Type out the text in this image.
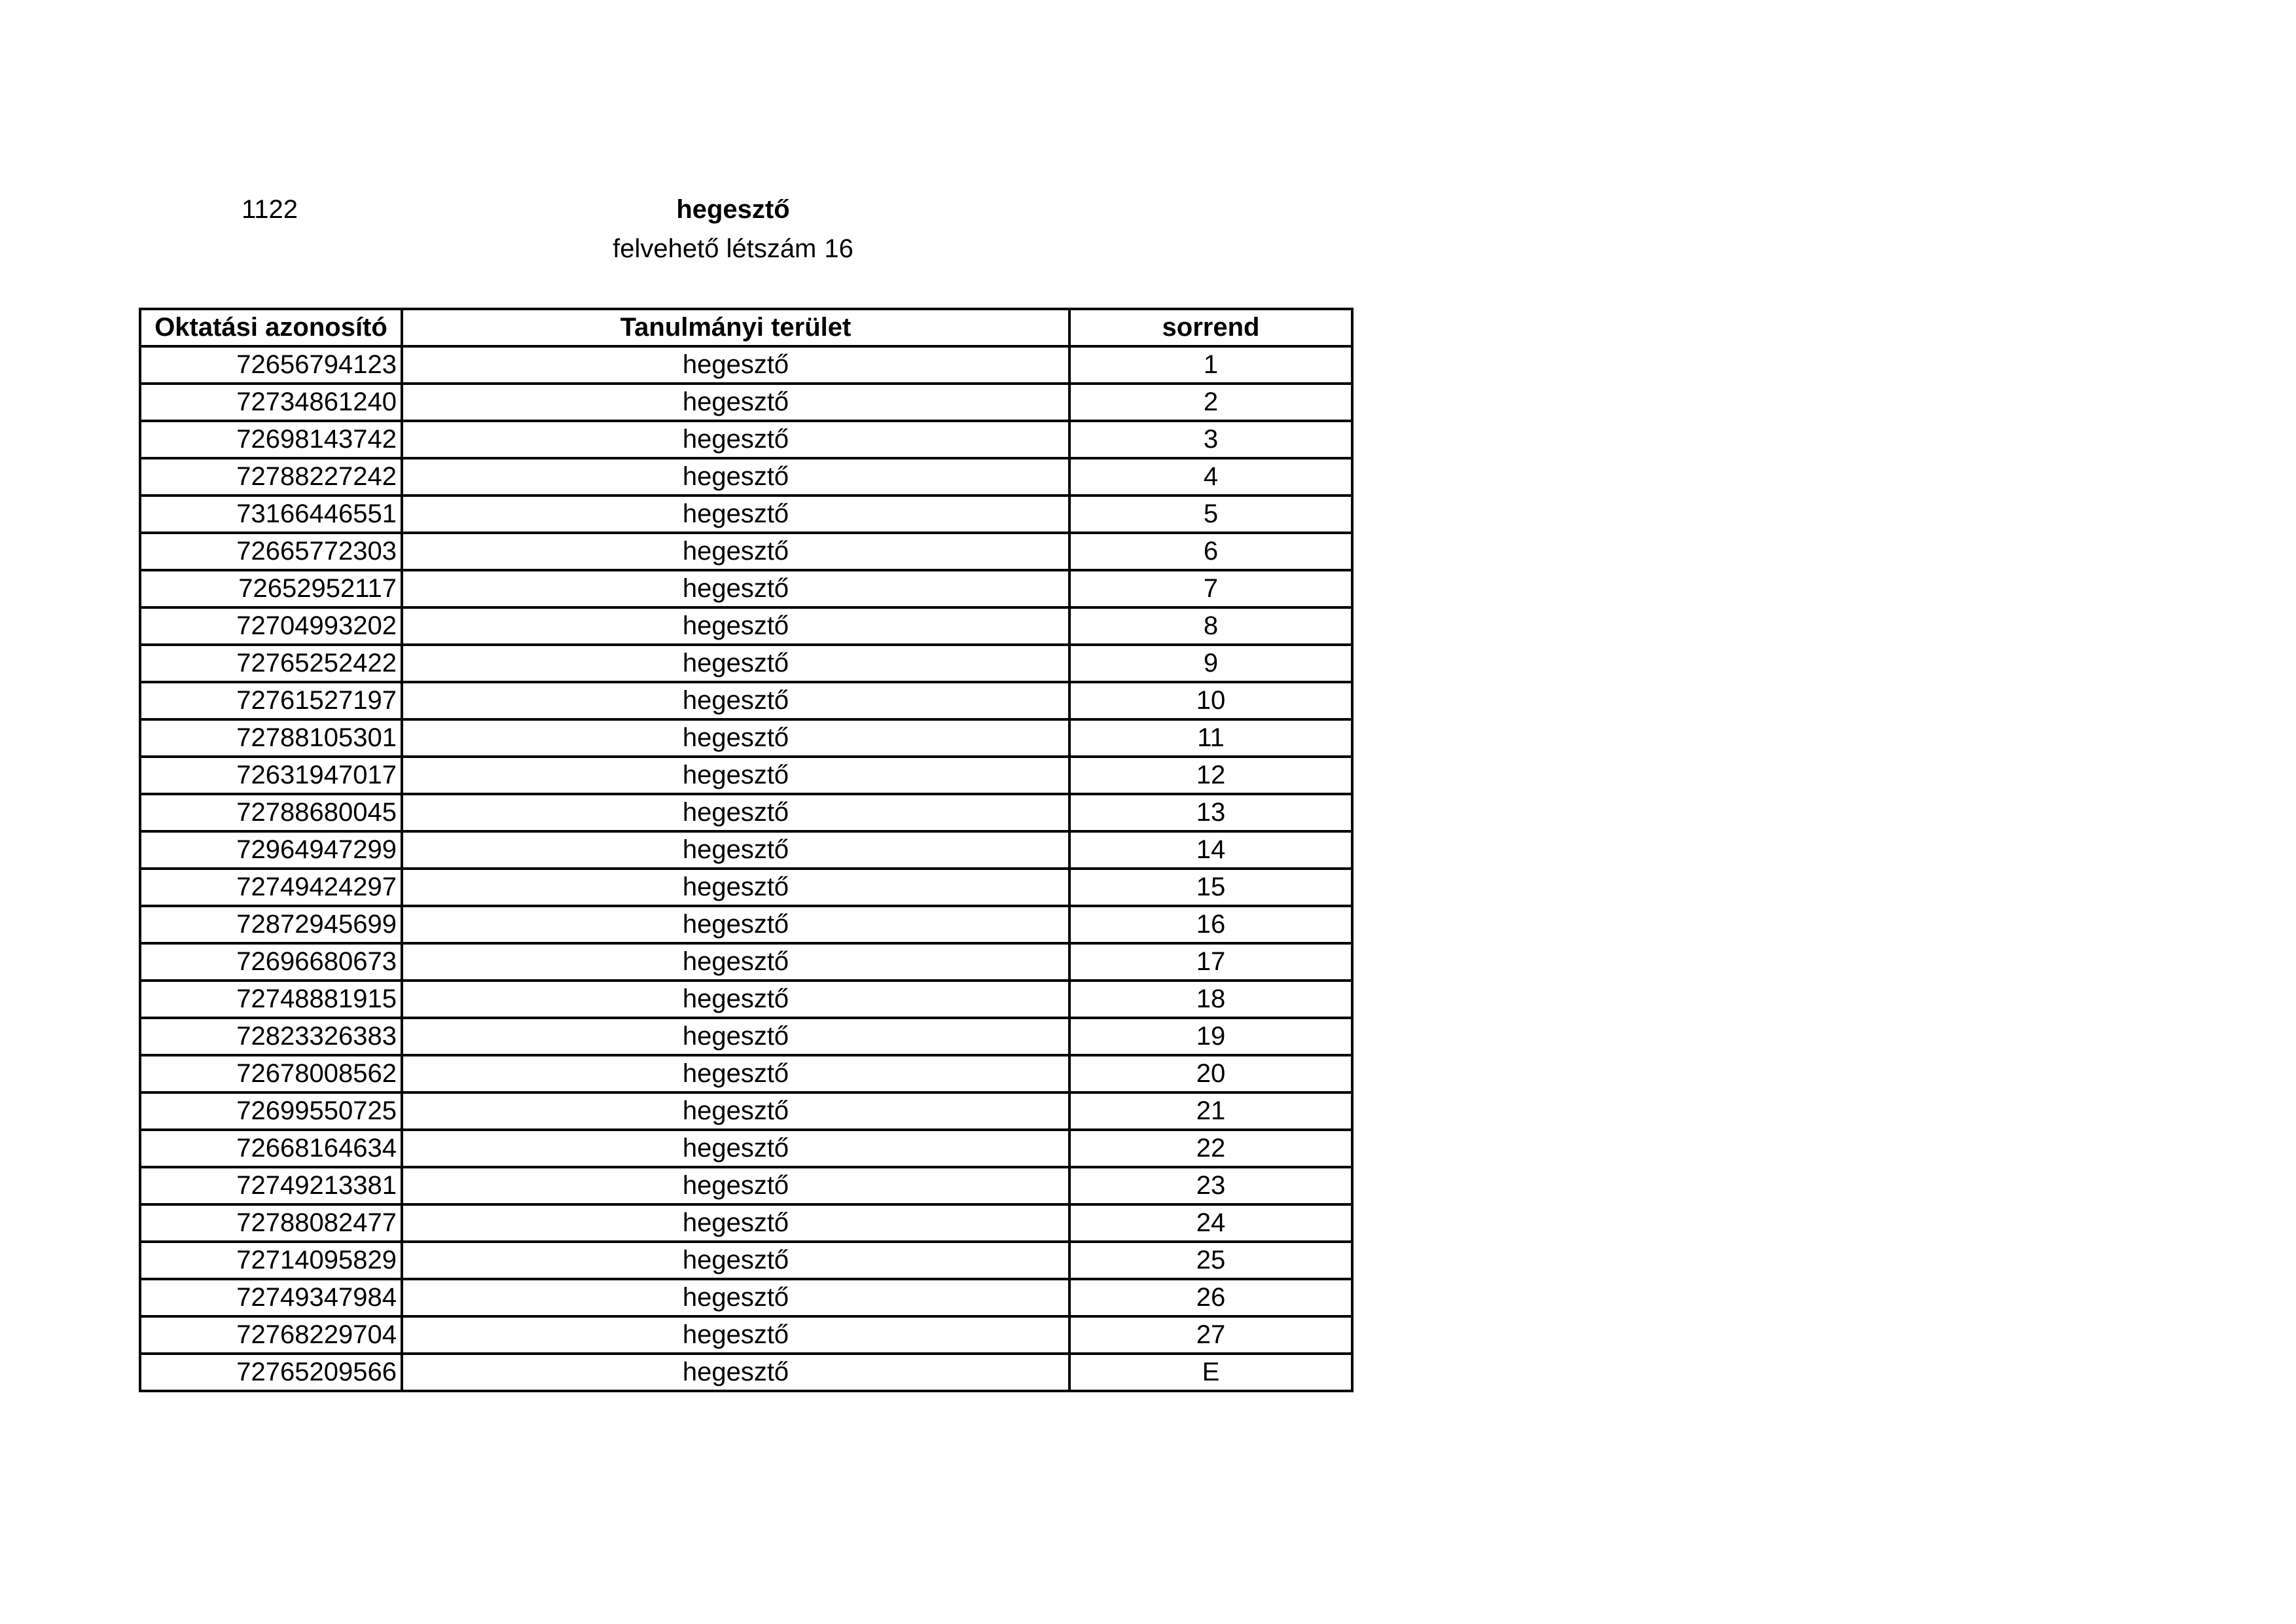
1122	hegesztő
felvehető létszám 16
Oktatási azonosító	Tanulmányi terület	sorrend
72656794123	hegesztő	1
72734861240	hegesztő	2
72698143742	hegesztő	3
72788227242	hegesztő	4
73166446551	hegesztő	5
72665772303	hegesztő	6
72652952117	hegesztő	7
72704993202	hegesztő	8
72765252422	hegesztő	9
72761527197	hegesztő	10
72788105301	hegesztő	11
72631947017	hegesztő	12
72788680045	hegesztő	13
72964947299	hegesztő	14
72749424297	hegesztő	15
72872945699	hegesztő	16
72696680673	hegesztő	17
72748881915	hegesztő	18
72823326383	hegesztő	19
72678008562	hegesztő	20
72699550725	hegesztő	21
72668164634	hegesztő	22
72749213381	hegesztő	23
72788082477	hegesztő	24
72714095829	hegesztő	25
72749347984	hegesztő	26
72768229704	hegesztő	27
72765209566	hegesztő	E
